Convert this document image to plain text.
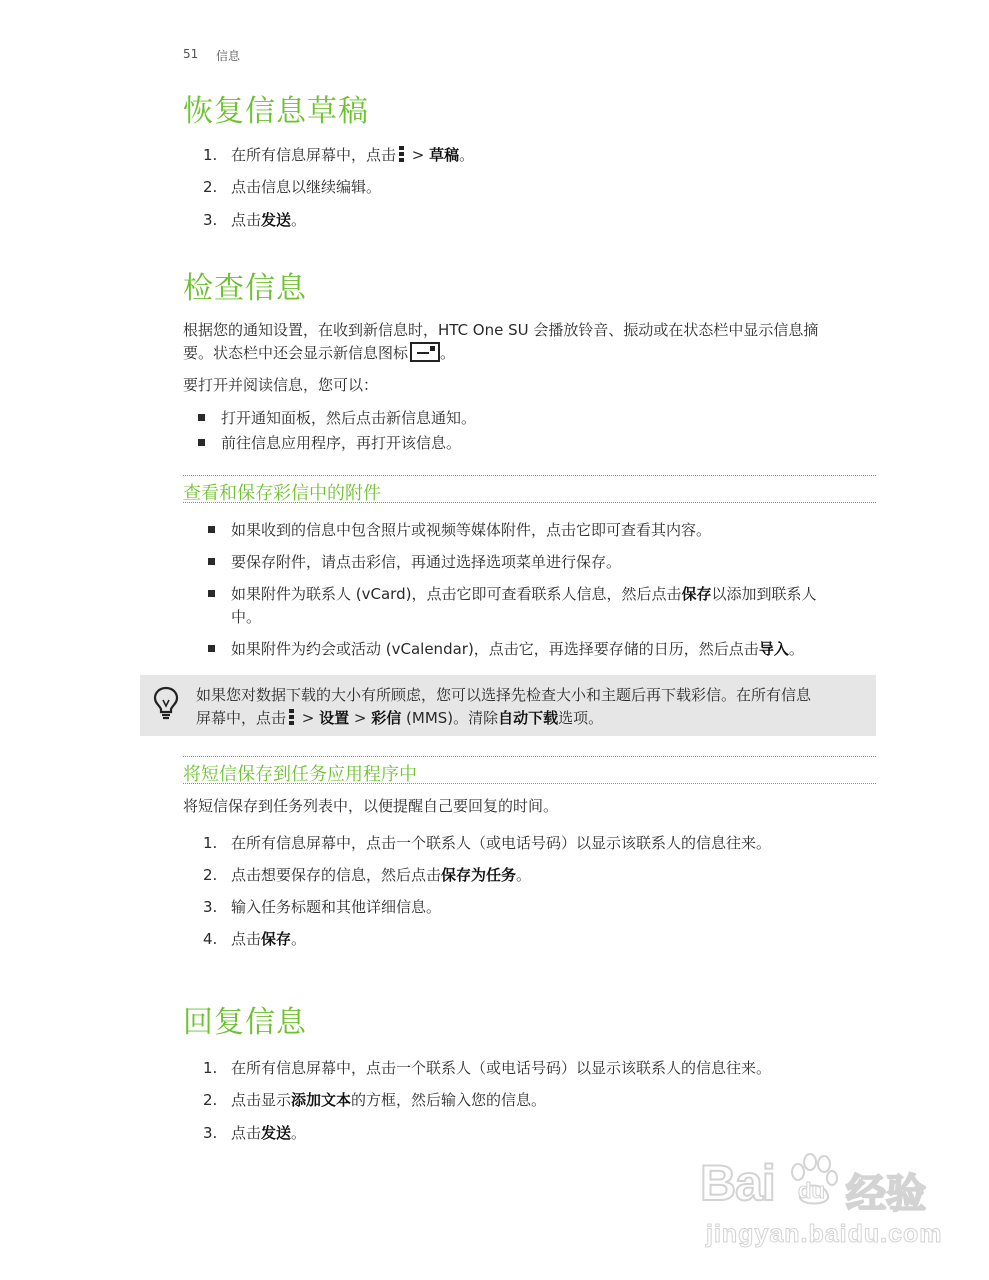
51 信息
恢复信息草稿
1. 在所有信息屏幕中，点击 > 草稿。
2. 点击信息以继续编辑。
3. 点击发送。
检查信息
根据您的通知设置，在收到新信息时，HTC One SU 会播放铃音、振动或在状态栏中显示信息摘
要。状态栏中还会显示新信息图标 。
要打开并阅读信息，您可以：
打开通知面板，然后点击新信息通知。
前往信息应用程序，再打开该信息。
查看和保存彩信中的附件
如果收到的信息中包含照片或视频等媒体附件，点击它即可查看其内容。
要保存附件，请点击彩信，再通过选择选项菜单进行保存。
如果附件为联系人 (vCard)，点击它即可查看联系人信息，然后点击保存以添加到联系人
中。
如果附件为约会或活动 (vCalendar)，点击它，再选择要存储的日历，然后点击导入。
如果您对数据下载的大小有所顾虑，您可以选择先检查大小和主题后再下载彩信。在所有信息
屏幕中，点击 > 设置 > 彩信 (MMS)。清除自动下载选项。
将短信保存到任务应用程序中
将短信保存到任务列表中，以便提醒自己要回复的时间。
1. 在所有信息屏幕中，点击一个联系人（或电话号码）以显示该联系人的信息往来。
2. 点击想要保存的信息，然后点击保存为任务。
3. 输入任务标题和其他详细信息。
4. 点击保存。
回复信息
1. 在所有信息屏幕中，点击一个联系人（或电话号码）以显示该联系人的信息往来。
2. 点击显示添加文本的方框，然后输入您的信息。
3. 点击发送。
Bai du 经验
jingyan.baidu.com
